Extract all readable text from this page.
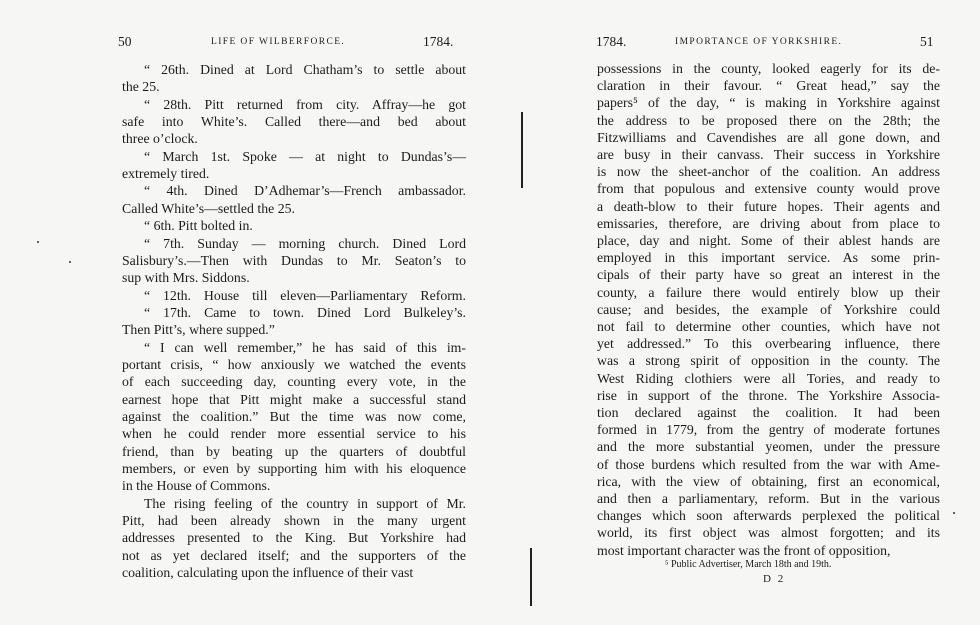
50	LIFE OF WILBERFORCE.	1784.
“ 26th. Dined at Lord Chatham’s to settle about
the 25.
“ 28th. Pitt returned from city. Affray—he got
safe into White’s. Called there—and bed about
three o’clock.
“ March 1st. Spoke — at night to Dundas’s—
extremely tired.
“ 4th. Dined D’Adhemar’s—French ambassador.
Called White’s—settled the 25.
“ 6th. Pitt bolted in.
“ 7th. Sunday — morning church. Dined Lord
Salisbury’s.—Then with Dundas to Mr. Seaton’s to
sup with Mrs. Siddons.
“ 12th. House till eleven—Parliamentary Reform.
“ 17th. Came to town. Dined Lord Bulkeley’s.
Then Pitt’s, where supped.”
“ I can well remember,” he has said of this im-
portant crisis, “ how anxiously we watched the events
of each succeeding day, counting every vote, in the
earnest hope that Pitt might make a successful stand
against the coalition.” But the time was now come,
when he could render more essential service to his
friend, than by beating up the quarters of doubtful
members, or even by supporting him with his eloquence
in the House of Commons.
The rising feeling of the country in support of Mr.
Pitt, had been already shown in the many urgent
addresses presented to the King. But Yorkshire had
not as yet declared itself; and the supporters of the
coalition, calculating upon the influence of their vast
1784.	IMPORTANCE OF YORKSHIRE.	51
possessions in the county, looked eagerly for its de-
claration in their favour. “ Great head,” say the
papers⁵ of the day, “ is making in Yorkshire against
the address to be proposed there on the 28th; the
Fitzwilliams and Cavendishes are all gone down, and
are busy in their canvass. Their success in Yorkshire
is now the sheet-anchor of the coalition. An address
from that populous and extensive county would prove
a death-blow to their future hopes. Their agents and
emissaries, therefore, are driving about from place to
place, day and night. Some of their ablest hands are
employed in this important service. As some prin-
cipals of their party have so great an interest in the
county, a failure there would entirely blow up their
cause; and besides, the example of Yorkshire could
not fail to determine other counties, which have not
yet addressed.” To this overbearing influence, there
was a strong spirit of opposition in the county. The
West Riding clothiers were all Tories, and ready to
rise in support of the throne. The Yorkshire Associa-
tion declared against the coalition. It had been
formed in 1779, from the gentry of moderate fortunes
and the more substantial yeomen, under the pressure
of those burdens which resulted from the war with Ame-
rica, with the view of obtaining, first an economical,
and then a parliamentary, reform. But in the various
changes which soon afterwards perplexed the political
world, its first object was almost forgotten; and its
most important character was the front of opposition,
⁵ Public Advertiser, March 18th and 19th.
D 2
